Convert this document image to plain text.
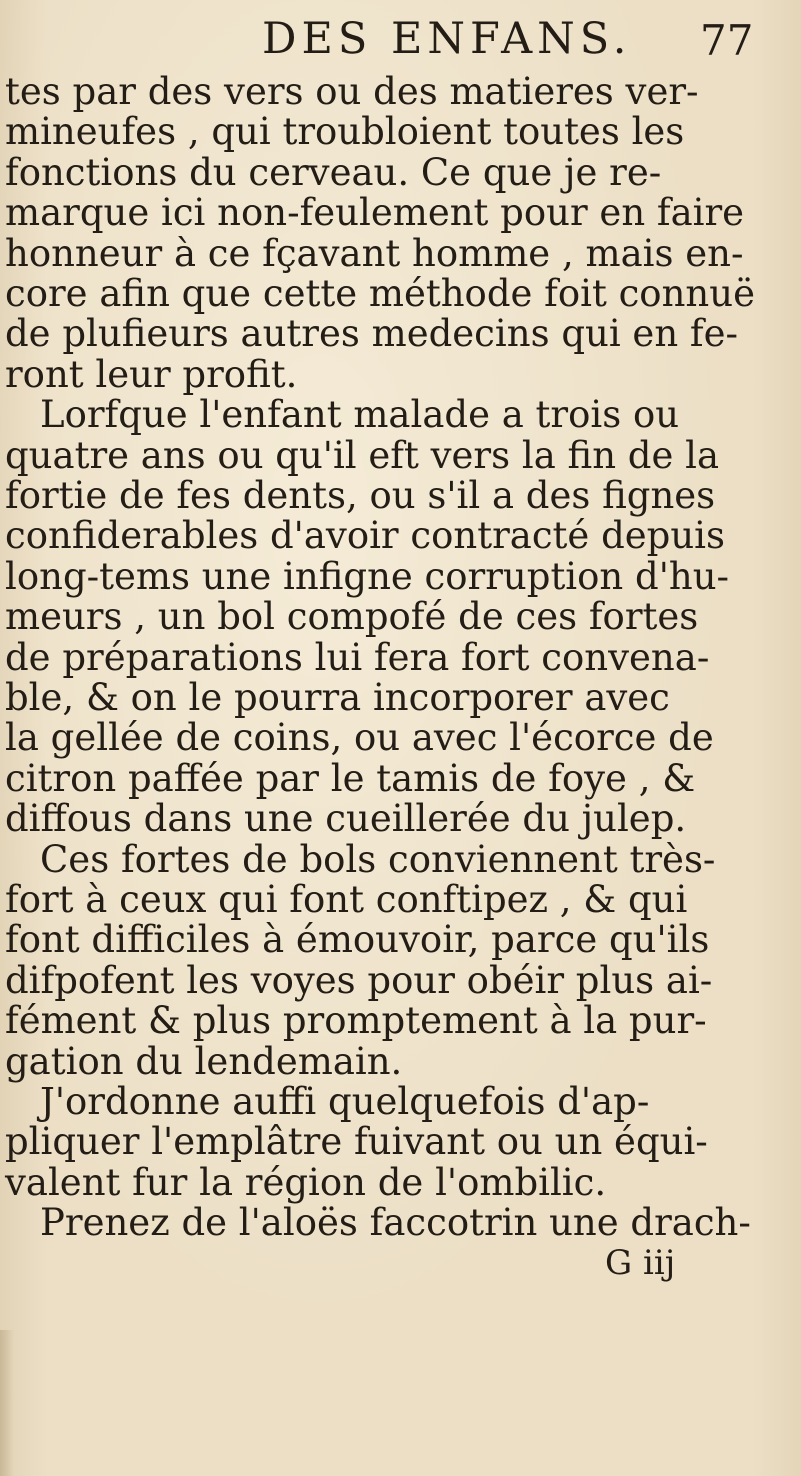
DES ENFANS. 77
tes par des vers ou des matieres ver-
mineufes , qui troubloient toutes les
fonctions du cerveau. Ce que je re-
marque ici non-feulement pour en faire
honneur à ce fçavant homme , mais en-
core afin que cette méthode foit connuë
de plufieurs autres medecins qui en fe-
ront leur profit.
Lorfque l'enfant malade a trois ou
quatre ans ou qu'il eft vers la fin de la
fortie de fes dents, ou s'il a des fignes
confiderables d'avoir contracté depuis
long-tems une infigne corruption d'hu-
meurs , un bol compofé de ces fortes
de préparations lui fera fort convena-
ble, & on le pourra incorporer avec
la gellée de coins, ou avec l'écorce de
citron paffée par le tamis de foye , &
diffous dans une cueillerée du julep.
Ces fortes de bols conviennent très-
fort à ceux qui font conftipez , & qui
font difficiles à émouvoir, parce qu'ils
difpofent les voyes pour obéir plus ai-
fément & plus promptement à la pur-
gation du lendemain.
J'ordonne auffi quelquefois d'ap-
pliquer l'emplâtre fuivant ou un équi-
valent fur la région de l'ombilic.
Prenez de l'aloës faccotrin une drach-
G iij
